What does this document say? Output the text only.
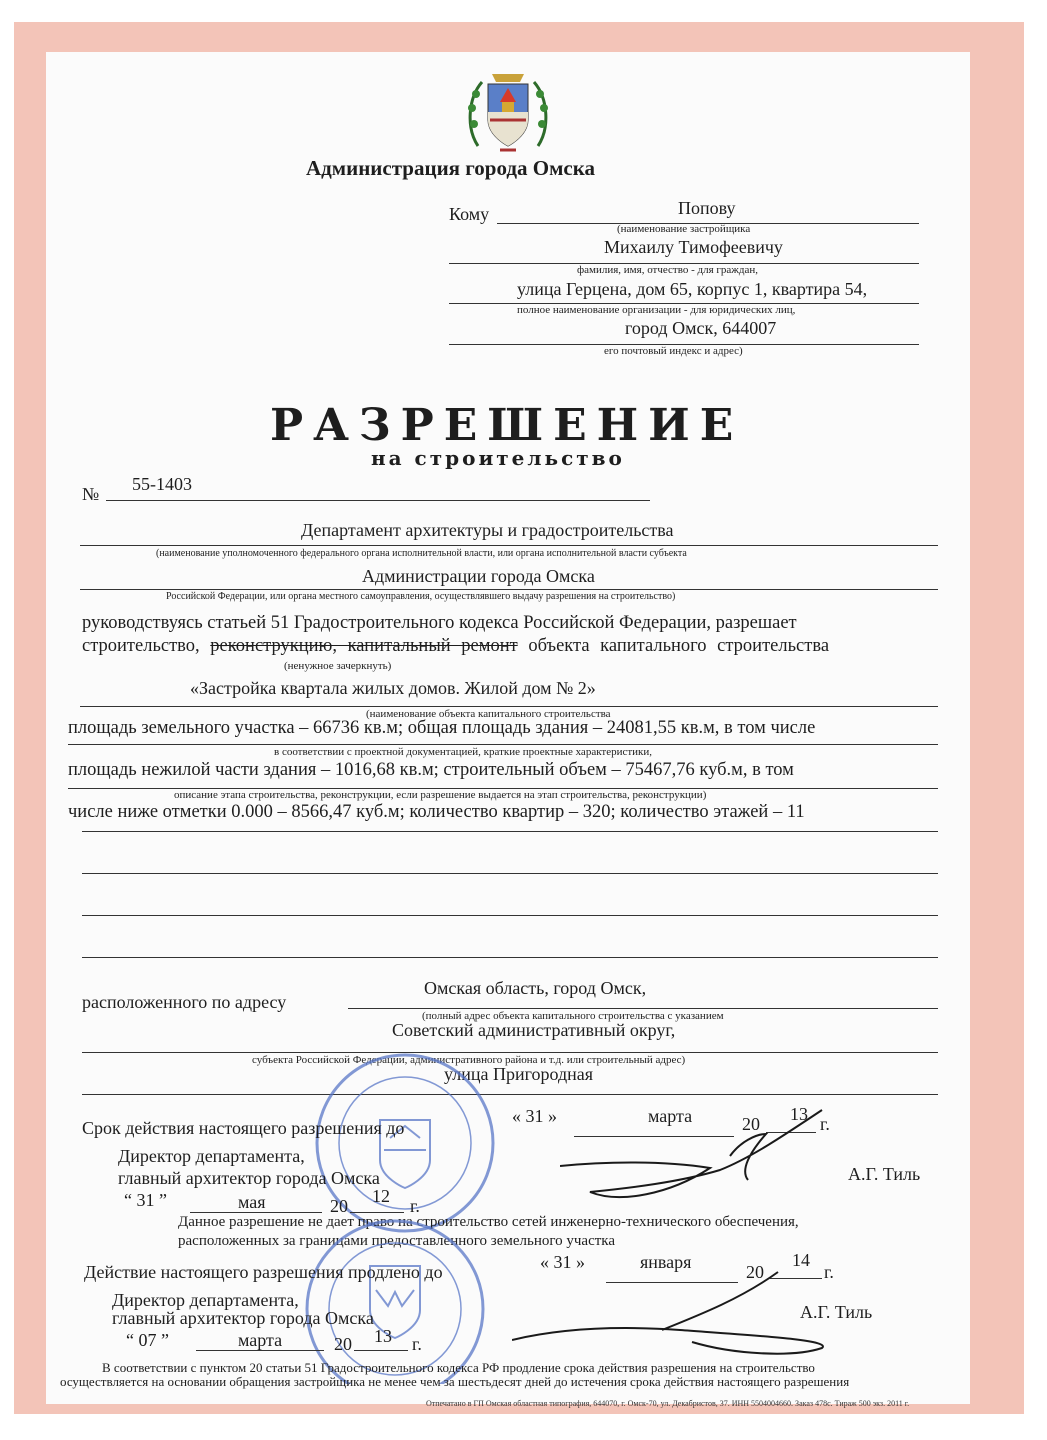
Администрация города Омска
Кому	Попову
(наименование застройщика
Михаилу Тимофеевичу
фамилия, имя, отчество - для граждан,
улица Герцена, дом 65, корпус 1, квартира 54,
полное наименование организации - для юридических лиц,
город Омск, 644007
его почтовый индекс и адрес)
РАЗРЕШЕНИЕ
на строительство
№ 55-1403
Департамент архитектуры и градостроительства
(наименование уполномоченного федерального органа исполнительной власти, или органа исполнительной власти субъекта
Администрации города Омска
Российской Федерации, или органа местного самоуправления, осуществлявшего выдачу разрешения на строительство)
руководствуясь статьей 51 Градостроительного кодекса Российской Федерации, разрешает
строительство, реконструкцию, капитальный ремонт объекта капитального строительства
(ненужное зачеркнуть)
«Застройка квартала жилых домов. Жилой дом № 2»
(наименование объекта капитального строительства
площадь земельного участка – 66736 кв.м; общая площадь здания – 24081,55 кв.м, в том числе
в соответствии с проектной документацией, краткие проектные характеристики,
площадь нежилой части здания – 1016,68 кв.м; строительный объем – 75467,76 куб.м, в том
описание этапа строительства, реконструкции, если разрешение выдается на этап строительства, реконструкции)
числе ниже отметки 0.000 – 8566,47 куб.м; количество квартир – 320; количество этажей – 11
расположенного по адресу
Омская область, город Омск,
(полный адрес объекта капитального строительства с указанием
Советский административный округ,
субъекта Российской Федерации, административного района и т.д. или строительный адрес)
улица Пригородная
Срок действия настоящего разрешения до
« 31 »	марта	20 13 г.
Директор департамента,
главный архитектор города Омска	А.Г. Тиль
“ 31 ”	мая	20 12 г.
Данное разрешение не дает право на строительство сетей инженерно-технического обеспечения,
расположенных за границами предоставленного земельного участка
Действие настоящего разрешения продлено до	« 31 »	января	20
14
г.
Директор департамента,
главный архитектор города Омска	А.Г. Тиль
“ 07 ”	марта	20 13 г.
В соответствии с пунктом 20 статьи 51 Градостроительного кодекса РФ продление срока действия разрешения на строительство
осуществляется на основании обращения застройщика не менее чем за шестьдесят дней до истечения срока действия настоящего разрешения
Отпечатано в ГП Омская областная типография, 644070, г. Омск-70, ул. Декабристов, 37. ИНН 5504004660. Заказ 478с. Тираж 500 экз. 2011 г.
